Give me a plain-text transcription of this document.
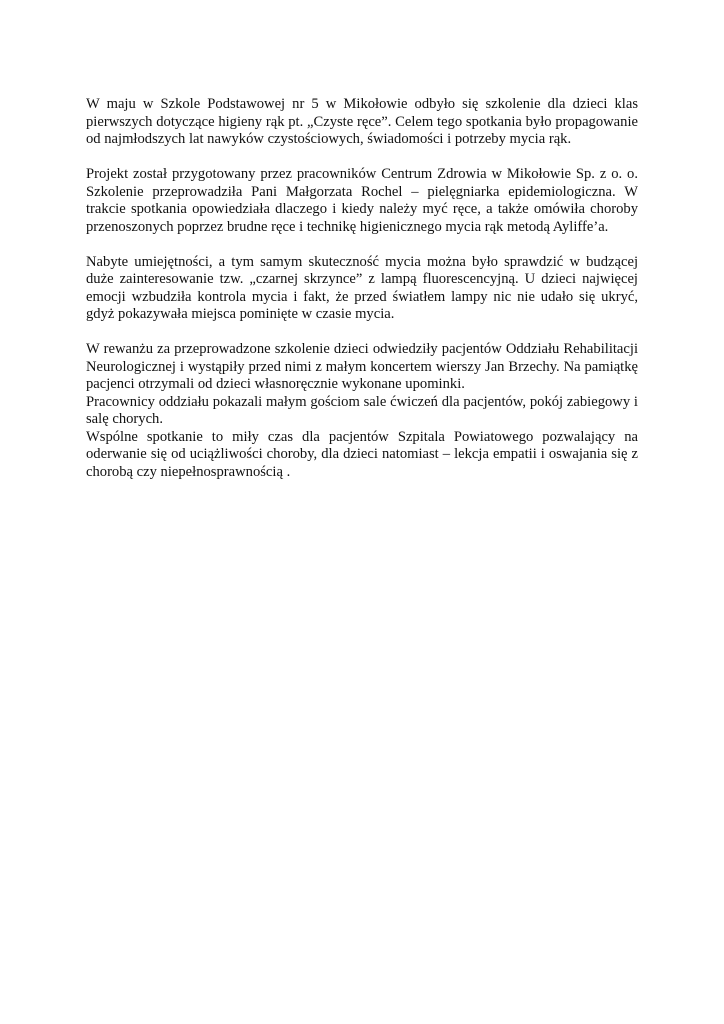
W maju w Szkole Podstawowej nr 5 w Mikołowie odbyło się szkolenie dla dzieci klas
pierwszych dotyczące higieny rąk pt. „Czyste ręce”. Celem tego spotkania było propagowanie
od najmłodszych lat nawyków czystościowych, świadomości i potrzeby mycia rąk.

Projekt został przygotowany przez pracowników Centrum Zdrowia w Mikołowie Sp. z o. o.
Szkolenie przeprowadziła Pani Małgorzata Rochel – pielęgniarka epidemiologiczna. W
trakcie spotkania opowiedziała dlaczego i kiedy należy myć ręce, a także omówiła choroby
przenoszonych poprzez brudne ręce i technikę higienicznego mycia rąk metodą Ayliffe’a.

Nabyte umiejętności, a tym samym skuteczność mycia można było sprawdzić w budzącej
duże zainteresowanie tzw. „czarnej skrzynce” z lampą fluorescencyjną. U dzieci najwięcej
emocji wzbudziła kontrola mycia i fakt, że przed światłem lampy nic nie udało się ukryć,
gdyż pokazywała miejsca pominięte w czasie mycia.

W rewanżu za przeprowadzone szkolenie dzieci odwiedziły pacjentów Oddziału Rehabilitacji
Neurologicznej i wystąpiły przed nimi z małym koncertem wierszy Jan Brzechy. Na pamiątkę
pacjenci otrzymali od dzieci własnoręcznie wykonane upominki.

Pracownicy oddziału pokazali małym gościom sale ćwiczeń dla pacjentów, pokój zabiegowy i
salę chorych.

Wspólne spotkanie to miły czas dla pacjentów Szpitala Powiatowego pozwalający na
oderwanie się od uciążliwości choroby, dla dzieci natomiast – lekcja empatii i oswajania się z
chorobą czy niepełnosprawnością .
